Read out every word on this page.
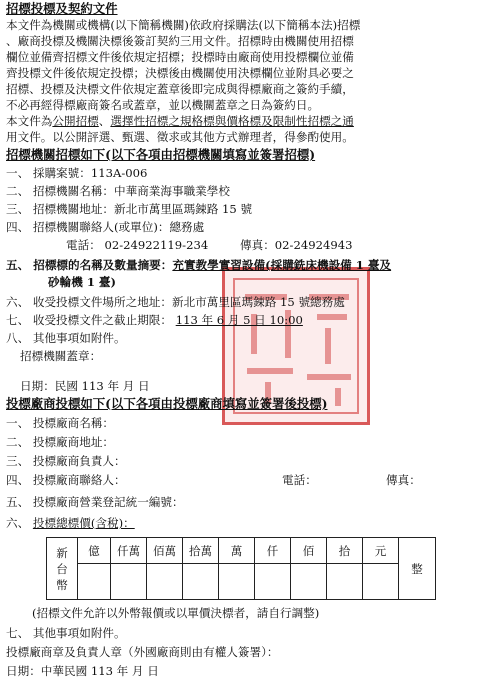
招標投標及契約文件
本文件為機關或機構(以下簡稱機關)依政府採購法(以下簡稱本法)招標
、廠商投標及機關決標後簽訂契約三用文件。招標時由機關使用招標
欄位並備齊招標文件後依規定招標；投標時由廠商使用投標欄位並備
齊投標文件後依規定投標；決標後由機關使用決標欄位並附具必要之
招標、投標及決標文件依規定蓋章後即完成與得標廠商之簽約手續，
不必再經得標廠商簽名或蓋章，並以機關蓋章之日為簽約日。
本文件為公開招標、選擇性招標之規格標與價格標及限制性招標之通
用文件。以公開評選、甄選、徵求或其他方式辦理者，得參酌使用。
招標機關招標如下(以下各項由招標機關填寫並簽署招標)
一、 採購案號：113A-006
二、 招標機關名稱：中華商業海事職業學校
三、 招標機關地址：新北市萬里區瑪鋉路 15 號
四、 招標機關聯絡人(或單位)：總務處
電話： 02-24922119-234	傳真：02-24924943
五、 招標標的名稱及數量摘要：充實教學實習設備(採購銑床機設備 1 臺及
砂輪機 1 臺)
六、 收受投標文件場所之地址：新北市萬里區瑪鋉路 15 號總務處
七、 收受投標文件之截止期限： 113 年 6 月 5 日 10:00
八、 其他事項如附件。
招標機關蓋章：
日期：民國 113 年 月 日
投標廠商投標如下(以下各項由投標廠商填寫並簽署後投標)
一、 投標廠商名稱：
二、 投標廠商地址：
三、 投標廠商負責人：
四、 投標廠商聯絡人：	電話：	傳真：
五、 投標廠商營業登記統一編號：
六、 投標總標價(含稅)：
新台幣	億	仟萬	佰萬	拾萬	萬	仟	佰	拾	元	整

(招標文件允許以外幣報價或以單價決標者，請自行調整)
七、 其他事項如附件。
投標廠商章及負責人章（外國廠商則由有權人簽署）：
日期：中華民國 113 年 月 日
